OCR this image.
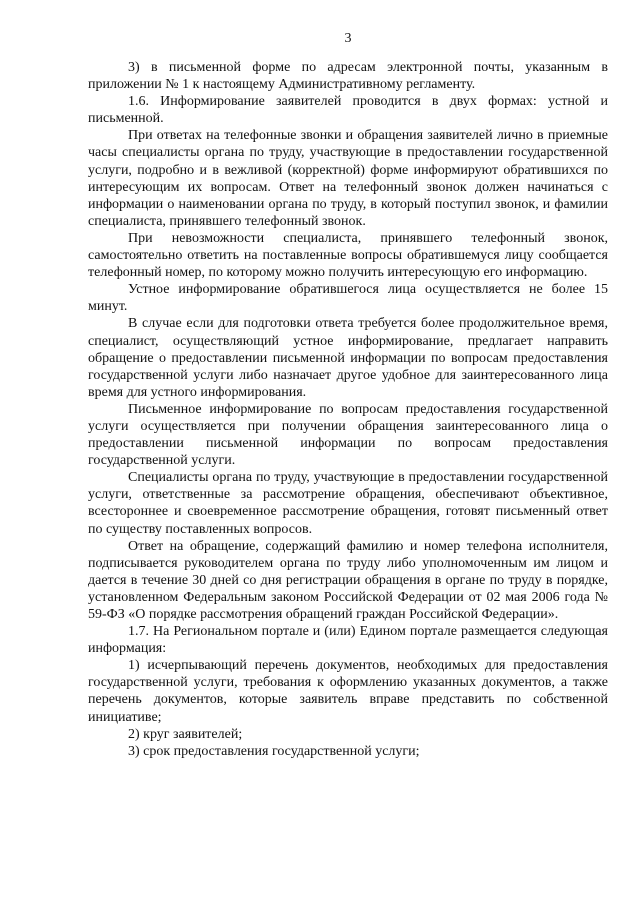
3

3) в письменной форме по адресам электронной почты, указанным в приложении № 1 к настоящему Административному регламенту.

1.6. Информирование заявителей проводится в двух формах: устной и письменной.

При ответах на телефонные звонки и обращения заявителей лично в приемные часы специалисты органа по труду, участвующие в предоставлении государственной услуги, подробно и в вежливой (корректной) форме информируют обратившихся по интересующим их вопросам. Ответ на телефонный звонок должен начинаться с информации о наименовании органа по труду, в который поступил звонок, и фамилии специалиста, принявшего телефонный звонок.

При невозможности специалиста, принявшего телефонный звонок, самостоятельно ответить на поставленные вопросы обратившемуся лицу сообщается телефонный номер, по которому можно получить интересующую его информацию.

Устное информирование обратившегося лица осуществляется не более 15 минут.

В случае если для подготовки ответа требуется более продолжительное время, специалист, осуществляющий устное информирование, предлагает направить обращение о предоставлении письменной информации по вопросам предоставления государственной услуги либо назначает другое удобное для заинтересованного лица время для устного информирования.

Письменное информирование по вопросам предоставления государственной услуги осуществляется при получении обращения заинтересованного лица о предоставлении письменной информации по вопросам предоставления государственной услуги.

Специалисты органа по труду, участвующие в предоставлении государственной услуги, ответственные за рассмотрение обращения, обеспечивают объективное, всестороннее и своевременное рассмотрение обращения, готовят письменный ответ по существу поставленных вопросов.

Ответ на обращение, содержащий фамилию и номер телефона исполнителя, подписывается руководителем органа по труду либо уполномоченным им лицом и дается в течение 30 дней со дня регистрации обращения в органе по труду в порядке, установленном Федеральным законом Российской Федерации от 02 мая 2006 года № 59-ФЗ «О порядке рассмотрения обращений граждан Российской Федерации».

1.7. На Региональном портале и (или) Едином портале размещается следующая информация:

1) исчерпывающий перечень документов, необходимых для предоставления государственной услуги, требования к оформлению указанных документов, а также перечень документов, которые заявитель вправе представить по собственной инициативе;

2) круг заявителей;

3) срок предоставления государственной услуги;
